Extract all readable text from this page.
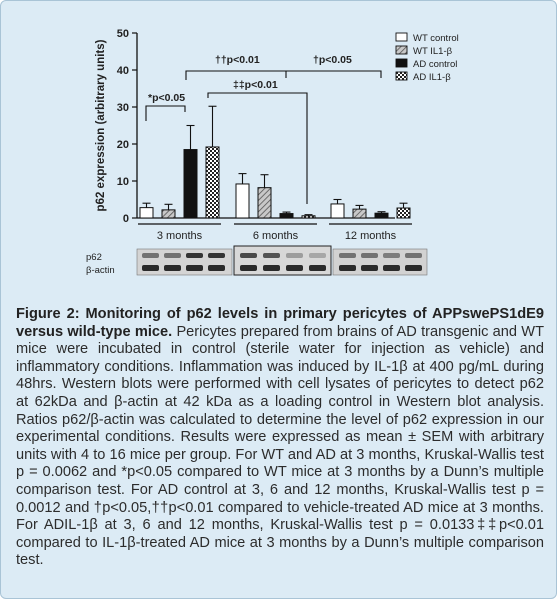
0
10
20
30
40
50
p62 expression (arbitrary units)
3 months	6 months	12 months
*p<0.05
††p<0.01	†p<0.05
‡‡p<0.01
WT control
WT IL1-β
AD control
AD IL1-β
p62
β-actin
Figure 2: Monitoring of p62 levels in primary pericytes of APPswePS1dE9 versus wild-type mice. Pericytes prepared from brains of AD transgenic and WT mice were incubated in control (sterile water for injection as vehicle) and inflammatory conditions. Inflammation was induced by IL-1β at 400 pg/mL during 48hrs. Western blots were performed with cell lysates of pericytes to detect p62 at 62kDa and β-actin at 42 kDa as a loading control in Western blot analysis. Ratios p62/β-actin was calculated to determine the level of p62 expression in our experimental conditions. Results were expressed as mean ± SEM with arbitrary units with 4 to 16 mice per group. For WT and AD at 3 months, Kruskal-Wallis test p = 0.0062 and *p<0.05 compared to WT mice at 3 months by a Dunn’s multiple comparison test. For AD control at 3, 6 and 12 months, Kruskal-Wallis test p = 0.0012 and †p<0.05,††p<0.01 compared to vehicle-treated AD mice at 3 months. For ADIL-1β at 3, 6 and 12 months, Kruskal-Wallis test p = 0.0133‡‡p<0.01 compared to IL-1β-treated AD mice at 3 months by a Dunn’s multiple comparison test.
